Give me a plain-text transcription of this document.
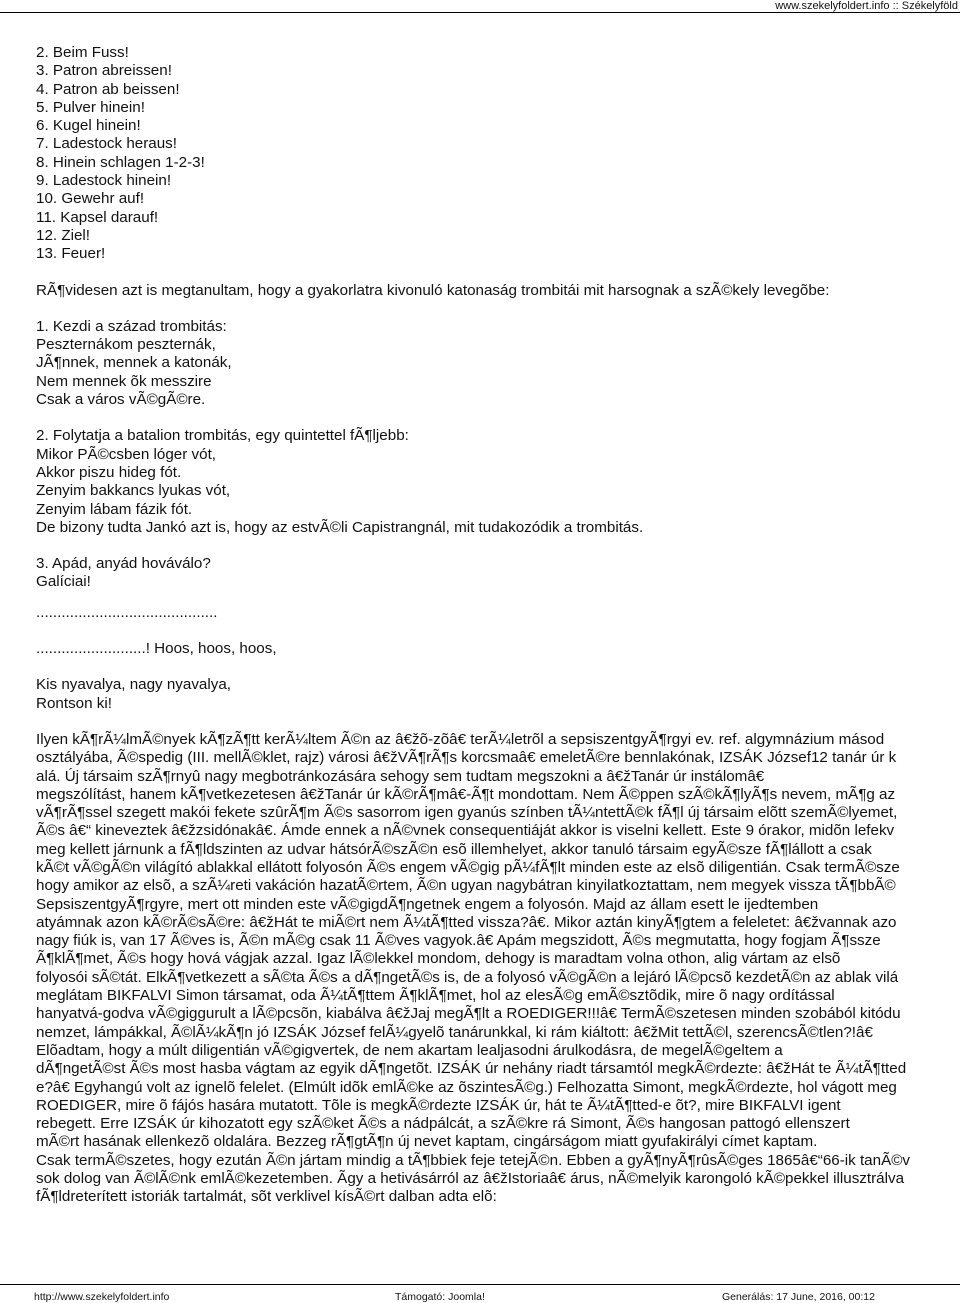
www.szekelyfoldert.info :: Székelyföld
2. Beim Fuss!
3. Patron abreissen!
4. Patron ab beissen!
5. Pulver hinein!
6. Kugel hinein!
7. Ladestock heraus!
8. Hinein schlagen 1-2-3!
9. Ladestock hinein!
10. Gewehr auf!
11. Kapsel darauf!
12. Ziel!
13. Feuer!
RÃ¶videsen azt is megtanultam, hogy a gyakorlatra kivonuló katonaság trombitái mit harsognak a szÃ©kely levegõbe:
1. Kezdi a század trombitás:
Peszternákom peszternák,
JÃ¶nnek, mennek a katonák,
Nem mennek õk messzire
Csak a város vÃ©gÃ©re.
2. Folytatja a batalion trombitás, egy quintettel fÃ¶ljebb:
Mikor PÃ©csben lóger vót,
Akkor piszu hideg fót.
Zenyim bakkancs lyukas vót,
Zenyim lábam fázik fót.
De bizony tudta Jankó azt is, hogy az estvÃ©li Capistrangnál, mit tudakozódik a trombitás.
3. Apád, anyád hováválo?
Galíciai!
...........................................
..........................! Hoos, hoos, hoos,
Kis nyavalya, nagy nyavalya,
Rontson ki!
Ilyen kÃ¶rÃ¼lmÃ©nyek kÃ¶zÃ¶tt kerÃ¼ltem Ã©n az â€žõ-zõâ€ terÃ¼letrõl a sepsiszentgyÃ¶rgyi ev. ref. algymnázium másod
osztályába, Ã©spedig (III. mellÃ©klet, rajz) városi â€žVÃ¶rÃ¶s korcsmaâ€ emeletÃ©re bennlakónak, IZSÁK József12 tanár úr k
alá. Új társaim szÃ¶rnyû nagy megbotránkozására sehogy sem tudtam megszokni a â€žTanár úr instálomâ€
megszólítást, hanem kÃ¶vetkezetesen â€žTanár úr kÃ©rÃ¶mâ€-Ã¶t mondottam. Nem Ã©ppen szÃ©kÃ¶lyÃ¶s nevem, mÃ¶g az
vÃ¶rÃ¶ssel szegett makói fekete szûrÃ¶m Ã©s sasorrom igen gyanús színben tÃ¼ntettÃ©k fÃ¶l új társaim elõtt szemÃ©lyemet,
Ã©s â€“ kineveztek â€žzsidónakâ€. Ámde ennek a nÃ©vnek consequentiáját akkor is viselni kellett. Este 9 órakor, midõn lefekv
meg kellett járnunk a fÃ¶ldszinten az udvar hátsórÃ©szÃ©n esõ illemhelyet, akkor tanuló társaim egyÃ©sze fÃ¶lállott a csak
kÃ©t vÃ©gÃ©n világító ablakkal ellátott folyosón Ã©s engem vÃ©gig pÃ¼fÃ¶lt minden este az elsõ diligentián. Csak termÃ©sze
hogy amikor az elsõ, a szÃ¼reti vakáción hazatÃ©rtem, Ã©n ugyan nagybátran kinyilatkoztattam, nem megyek vissza tÃ¶bbÃ©
SepsiszentgyÃ¶rgyre, mert ott minden este vÃ©gigdÃ¶ngetnek engem a folyosón. Majd az állam esett le ijedtemben
atyámnak azon kÃ©rÃ©sÃ©re: â€žHát te miÃ©rt nem Ã¼tÃ¶tted vissza?â€. Mikor aztán kinyÃ¶gtem a feleletet: â€žvannak azo
nagy fiúk is, van 17 Ã©ves is, Ã©n mÃ©g csak 11 Ã©ves vagyok.â€ Apám megszidott, Ã©s megmutatta, hogy fogjam Ã¶ssze
Ã¶klÃ¶met, Ã©s hogy hová vágjak azzal. Igaz lÃ©lekkel mondom, dehogy is maradtam volna othon, alig vártam az elsõ
folyosói sÃ©tát. ElkÃ¶vetkezett a sÃ©ta Ã©s a dÃ¶ngetÃ©s is, de a folyosó vÃ©gÃ©n a lejáró lÃ©pcsõ kezdetÃ©n az ablak vilá
meglátam BIKFALVI Simon társamat, oda Ã¼tÃ¶ttem Ã¶klÃ¶met, hol az elesÃ©g emÃ©sztõdik, mire õ nagy ordítással
hanyatvá-godva vÃ©giggurult a lÃ©pcsõn, kiabálva â€žJaj megÃ¶lt a ROEDIGER!!!â€ TermÃ©szetesen minden szobából kitódu
nemzet, lámpákkal, Ã©lÃ¼kÃ¶n jó IZSÁK József felÃ¼gyelõ tanárunkkal, ki rám kiáltott: â€žMit tettÃ©l, szerencsÃ©tlen?!â€
Elõadtam, hogy a múlt diligentián vÃ©gigvertek, de nem akartam lealjasodni árulkodásra, de megelÃ©geltem a
dÃ¶ngetÃ©st Ã©s most hasba vágtam az egyik dÃ¶ngetõt. IZSÁK úr nehány riadt társamtól megkÃ©rdezte: â€žHát te Ã¼tÃ¶tted
e?â€ Egyhangú volt az ignelõ felelet. (Elmúlt idõk emlÃ©ke az õszintesÃ©g.) Felhozatta Simont, megkÃ©rdezte, hol vágott meg
ROEDIGER, mire õ fájós hasára mutatott. Tõle is megkÃ©rdezte IZSÁK úr, hát te Ã¼tÃ¶tted-e õt?, mire BIKFALVI igent
rebegett. Erre IZSÁK úr kihozatott egy szÃ©ket Ã©s a nádpálcát, a szÃ©kre rá Simont, Ã©s hangosan pattogó ellenszert
mÃ©rt hasának ellenkezõ oldalára. Bezzeg rÃ¶gtÃ¶n új nevet kaptam, cingárságom miatt gyufakirályi címet kaptam.
Csak termÃ©szetes, hogy ezután Ã©n jártam mindig a tÃ¶bbiek feje tetejÃ©n. Ebben a gyÃ¶nyÃ¶rûsÃ©ges 1865â€“66-ik tanÃ©v
sok dolog van Ã©lÃ©nk emlÃ©kezetemben. Ãgy a hetivásárról az â€žIstoriaâ€ árus, nÃ©melyik karongoló kÃ©pekkel illusztrálva
fÃ¶ldreterített istoriák tartalmát, sõt verklivel kísÃ©rt dalban adta elõ:
http://www.szekelyfoldert.info	Támogató: Joomla!	Generálás: 17 June, 2016, 00:12
